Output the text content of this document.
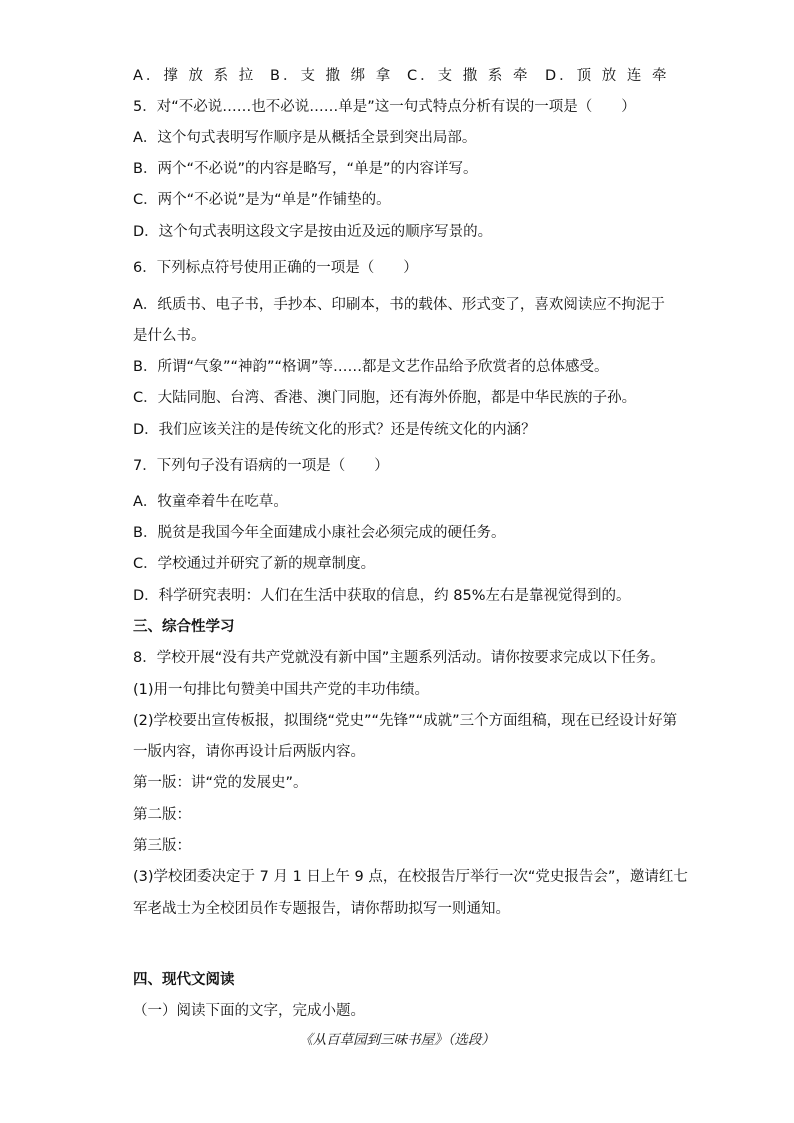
A．撑 放 系 拉 B．支 撒 绑 拿 C．支 撒 系 牵 D．顶 放 连 牵
5．对“不必说……也不必说……单是”这一句式特点分析有误的一项是（　　）
A．这个句式表明写作顺序是从概括全景到突出局部。
B．两个“不必说”的内容是略写，“单是”的内容详写。
C．两个“不必说”是为“单是”作铺垫的。
D．这个句式表明这段文字是按由近及远的顺序写景的。
6．下列标点符号使用正确的一项是（　　）
A．纸质书、电子书，手抄本、印刷本，书的载体、形式变了，喜欢阅读应不拘泥于
是什么书。
B．所谓“气象”“神韵”“格调”等……都是文艺作品给予欣赏者的总体感受。
C．大陆同胞、台湾、香港、澳门同胞，还有海外侨胞，都是中华民族的子孙。
D．我们应该关注的是传统文化的形式？还是传统文化的内涵？
7．下列句子没有语病的一项是（　　）
A．牧童牵着牛在吃草。
B．脱贫是我国今年全面建成小康社会必须完成的硬任务。
C．学校通过并研究了新的规章制度。
D．科学研究表明：人们在生活中获取的信息，约 85%左右是靠视觉得到的。
三、综合性学习
8．学校开展“没有共产党就没有新中国”主题系列活动。请你按要求完成以下任务。
(1)用一句排比句赞美中国共产党的丰功伟绩。
(2)学校要出宣传板报，拟围绕“党史”“先锋”“成就”三个方面组稿，现在已经设计好第
一版内容，请你再设计后两版内容。
第一版：讲“党的发展史”。
第二版：
第三版：
(3)学校团委决定于 7 月 1 日上午 9 点，在校报告厅举行一次“党史报告会”，邀请红七
军老战士为全校团员作专题报告，请你帮助拟写一则通知。
四、现代文阅读
（一）阅读下面的文字，完成小题。
《从百草园到三味书屋》（选段）
